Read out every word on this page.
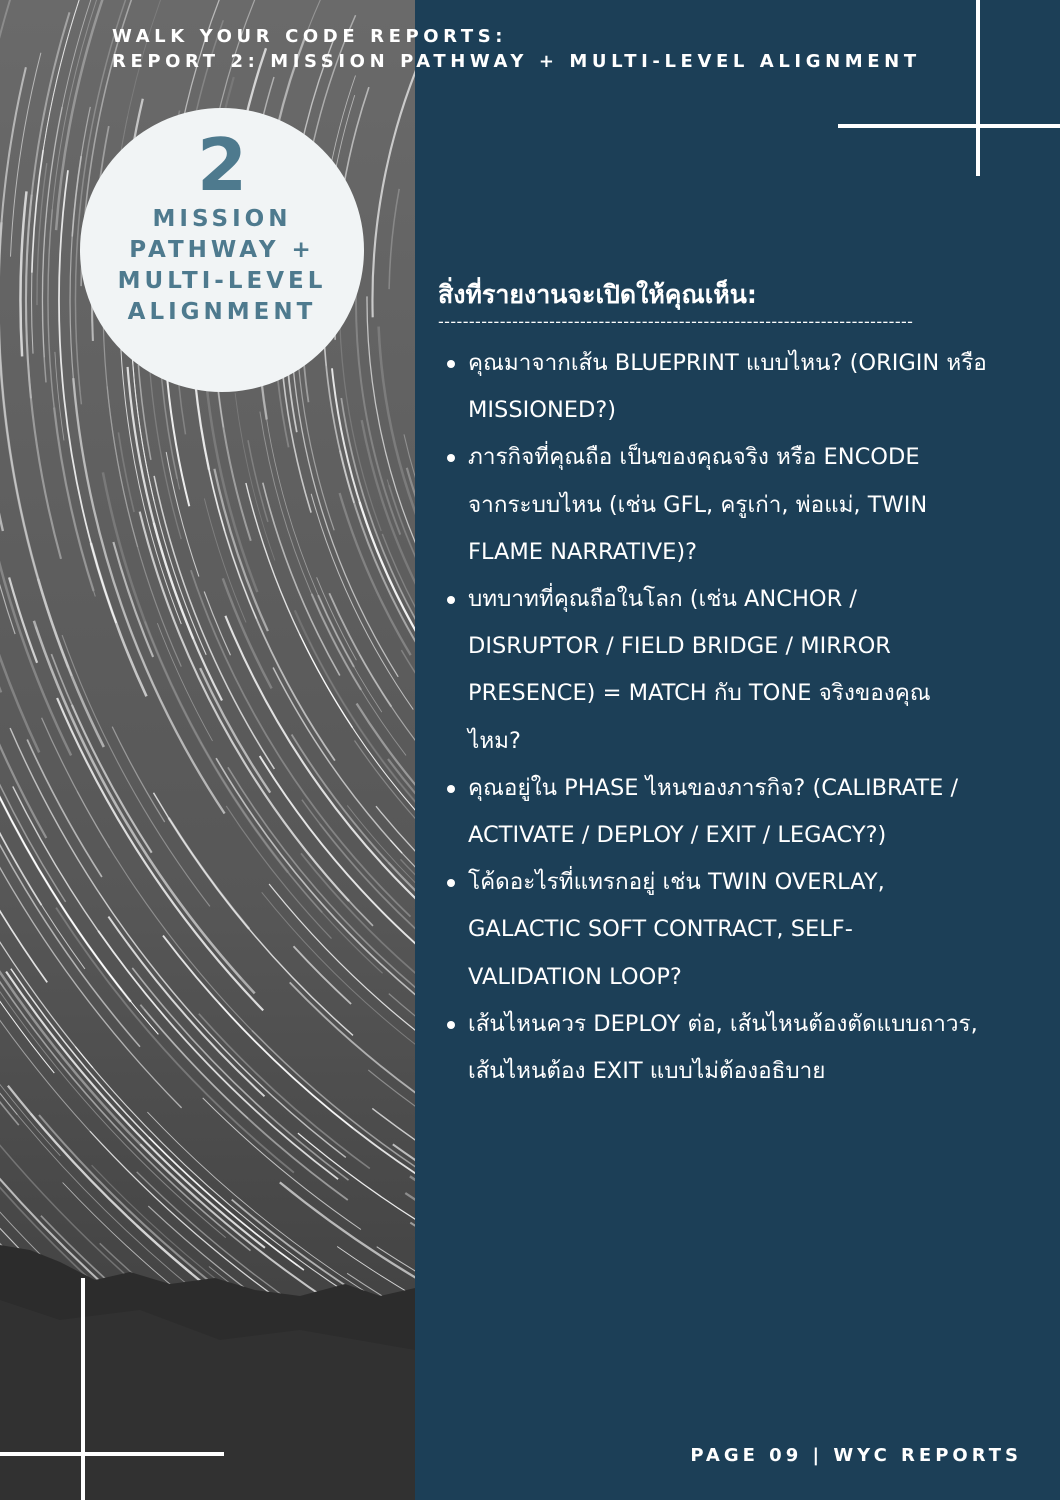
WALK YOUR CODE REPORTS:
REPORT 2: MISSION PATHWAY + MULTI-LEVEL ALIGNMENT
2
MISSION
PATHWAY +
MULTI-LEVEL
ALIGNMENT
สิ่งที่รายงานจะเปิดให้คุณเห็น:
-----------------------------------------------------------------------------
คุณมาจากเส้น BLUEPRINT แบบไหน? (ORIGIN หรือ
MISSIONED?)
ภารกิจที่คุณถือ เป็นของคุณจริง หรือ ENCODE
จากระบบไหน (เช่น GFL, ครูเก่า, พ่อแม่, TWIN
FLAME NARRATIVE)?
บทบาทที่คุณถือในโลก (เช่น ANCHOR /
DISRUPTOR / FIELD BRIDGE / MIRROR
PRESENCE) = MATCH กับ TONE จริงของคุณ
ไหม?
คุณอยู่ใน PHASE ไหนของภารกิจ? (CALIBRATE /
ACTIVATE / DEPLOY / EXIT / LEGACY?)
โค้ดอะไรที่แทรกอยู่ เช่น TWIN OVERLAY,
GALACTIC SOFT CONTRACT, SELF-
VALIDATION LOOP?
เส้นไหนควร DEPLOY ต่อ, เส้นไหนต้องตัดแบบถาวร,
เส้นไหนต้อง EXIT แบบไม่ต้องอธิบาย
PAGE 09 | WYC REPORTS
